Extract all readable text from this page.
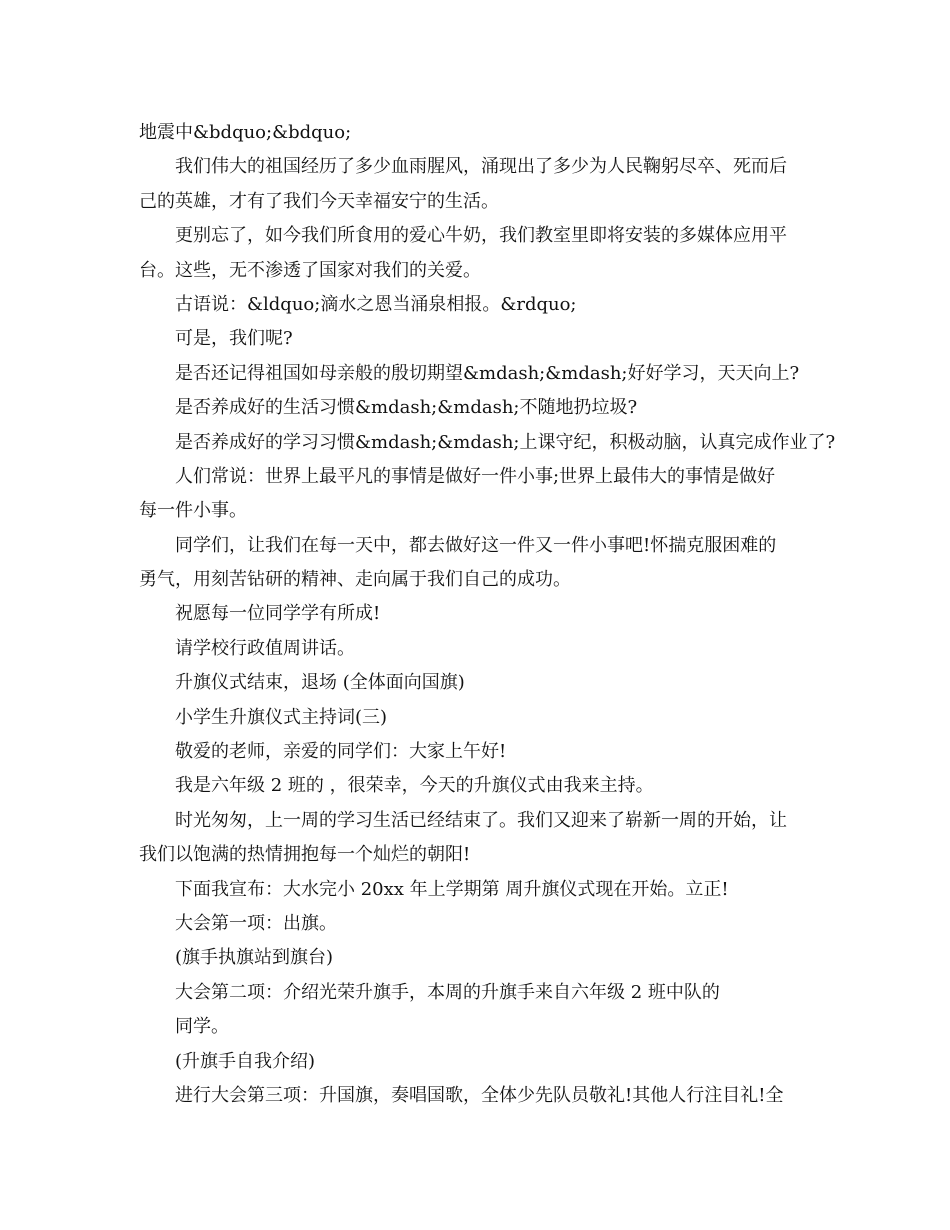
地震中&bdquo;&bdquo;
我们伟大的祖国经历了多少血雨腥风，涌现出了多少为人民鞠躬尽卒、死而后
己的英雄，才有了我们今天幸福安宁的生活。
更别忘了，如今我们所食用的爱心牛奶，我们教室里即将安装的多媒体应用平
台。这些，无不渗透了国家对我们的关爱。
古语说：&ldquo;滴水之恩当涌泉相报。&rdquo;
可是，我们呢?
是否还记得祖国如母亲般的殷切期望&mdash;&mdash;好好学习，天天向上?
是否养成好的生活习惯&mdash;&mdash;不随地扔垃圾?
是否养成好的学习习惯&mdash;&mdash;上课守纪，积极动脑，认真完成作业了?
人们常说：世界上最平凡的事情是做好一件小事;世界上最伟大的事情是做好
每一件小事。
同学们，让我们在每一天中，都去做好这一件又一件小事吧!怀揣克服困难的
勇气，用刻苦钻研的精神、走向属于我们自己的成功。
祝愿每一位同学学有所成!
请学校行政值周讲话。
升旗仪式结束，退场 (全体面向国旗)
小学生升旗仪式主持词(三)
敬爱的老师，亲爱的同学们：大家上午好!
我是六年级 2 班的 ，很荣幸，今天的升旗仪式由我来主持。
时光匆匆，上一周的学习生活已经结束了。我们又迎来了崭新一周的开始，让
我们以饱满的热情拥抱每一个灿烂的朝阳!
下面我宣布：大水完小 20xx 年上学期第 周升旗仪式现在开始。立正!
大会第一项：出旗。
(旗手执旗站到旗台)
大会第二项：介绍光荣升旗手，本周的升旗手来自六年级 2 班中队的
同学。
(升旗手自我介绍)
进行大会第三项：升国旗，奏唱国歌，全体少先队员敬礼!其他人行注目礼!全
